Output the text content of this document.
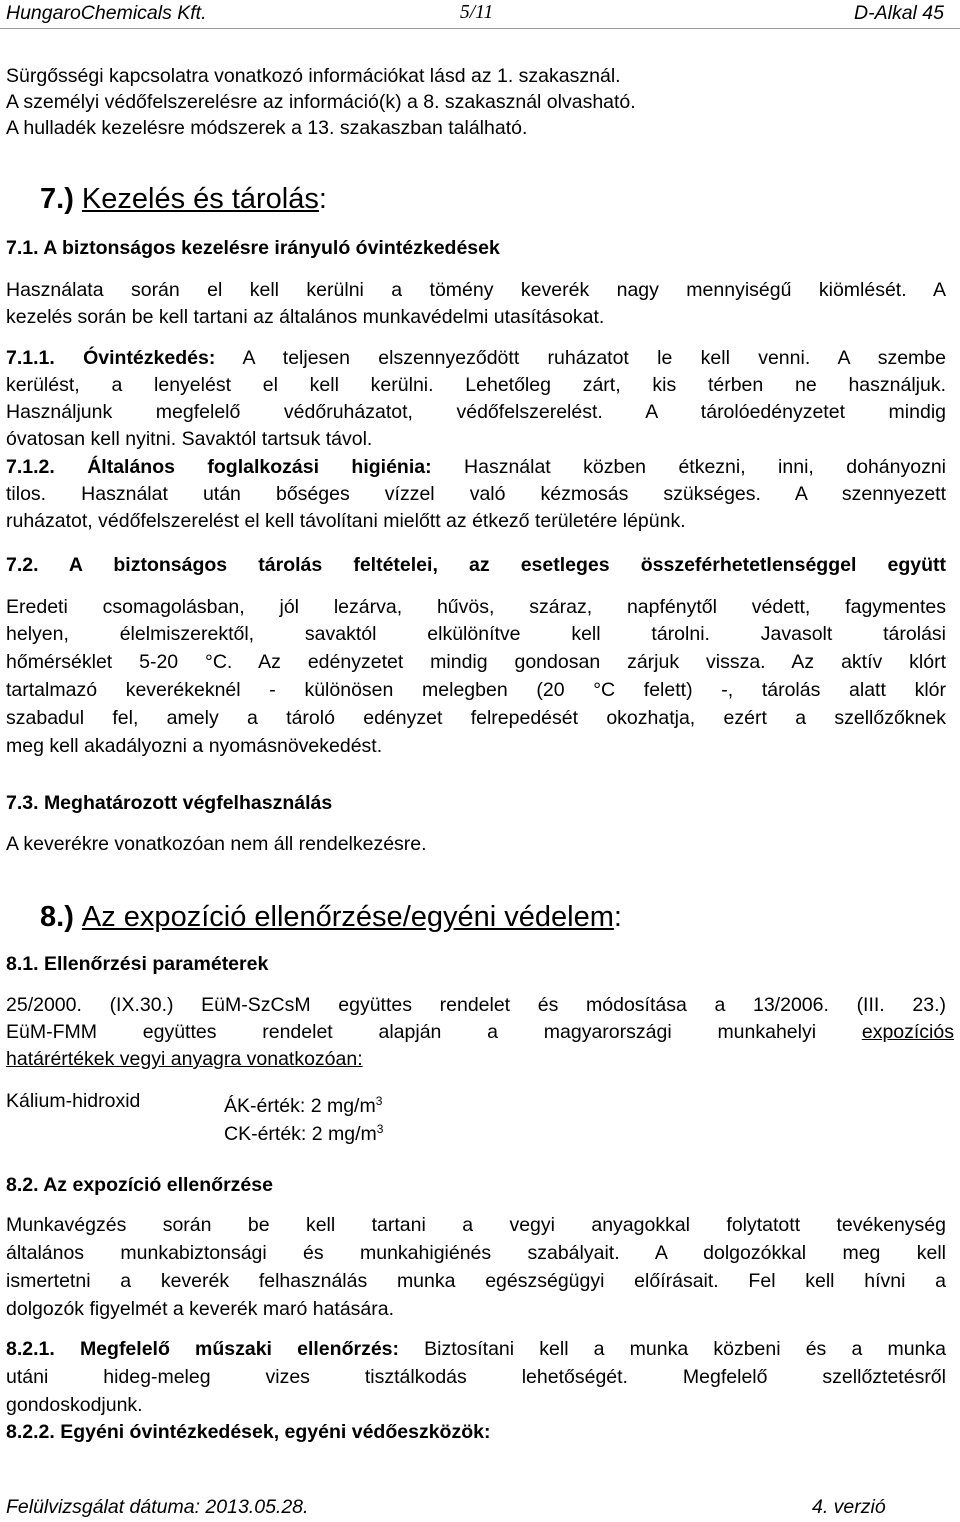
HungaroChemicals Kft.	5/11	D-Alkal 45
Sürgősségi kapcsolatra vonatkozó információkat lásd az 1. szakasznál.
A személyi védőfelszerelésre az információ(k) a 8. szakasznál olvasható.
A hulladék kezelésre módszerek a 13. szakaszban található.
7.) Kezelés és tárolás:
7.1. A biztonságos kezelésre irányuló óvintézkedések
Használata során el kell kerülni a tömény keverék nagy mennyiségű kiömlését. A
kezelés során be kell tartani az általános munkavédelmi utasításokat.
7.1.1. Óvintézkedés: A teljesen elszennyeződött ruházatot le kell venni. A szembe
kerülést, a lenyelést el kell kerülni. Lehetőleg zárt, kis térben ne használjuk.
Használjunk megfelelő védőruházatot, védőfelszerelést. A tárolóedényzetet mindig
óvatosan kell nyitni. Savaktól tartsuk távol.
7.1.2. Általános foglalkozási higiénia: Használat közben étkezni, inni, dohányozni
tilos. Használat után bőséges vízzel való kézmosás szükséges. A szennyezett
ruházatot, védőfelszerelést el kell távolítani mielőtt az étkező területére lépünk.
7.2. A biztonságos tárolás feltételei, az esetleges összeférhetetlenséggel együtt
Eredeti csomagolásban, jól lezárva, hűvös, száraz, napfénytől védett, fagymentes
helyen, élelmiszerektől, savaktól elkülönítve kell tárolni. Javasolt tárolási
hőmérséklet 5-20 °C. Az edényzetet mindig gondosan zárjuk vissza. Az aktív klórt
tartalmazó keverékeknél - különösen melegben (20 °C felett) -, tárolás alatt klór
szabadul fel, amely a tároló edényzet felrepedését okozhatja, ezért a szellőzőknek
meg kell akadályozni a nyomásnövekedést.
7.3. Meghatározott végfelhasználás
A keverékre vonatkozóan nem áll rendelkezésre.
8.) Az expozíció ellenőrzése/egyéni védelem:
8.1. Ellenőrzési paraméterek
25/2000. (IX.30.) EüM-SzCsM együttes rendelet és módosítása a 13/2006. (III. 23.)
EüM-FMM együttes rendelet alapján a magyarországi munkahelyi expozíciós
határértékek vegyi anyagra vonatkozóan:
Kálium-hidroxid	ÁK-érték: 2 $mg/m^3$
CK-érték: 2 $mg/m^3$
8.2. Az expozíció ellenőrzése
Munkavégzés során be kell tartani a vegyi anyagokkal folytatott tevékenység
általános munkabiztonsági és munkahigiénés szabályait. A dolgozókkal meg kell
ismertetni a keverék felhasználás munka egészségügyi előírásait. Fel kell hívni a
dolgozók figyelmét a keverék maró hatására.
8.2.1. Megfelelő műszaki ellenőrzés: Biztosítani kell a munka közbeni és a munka
utáni hideg-meleg vizes tisztálkodás lehetőségét. Megfelelő szellőztetésről
gondoskodjunk.
8.2.2. Egyéni óvintézkedések, egyéni védőeszközök:
Felülvizsgálat dátuma: 2013.05.28.	4. verzió
